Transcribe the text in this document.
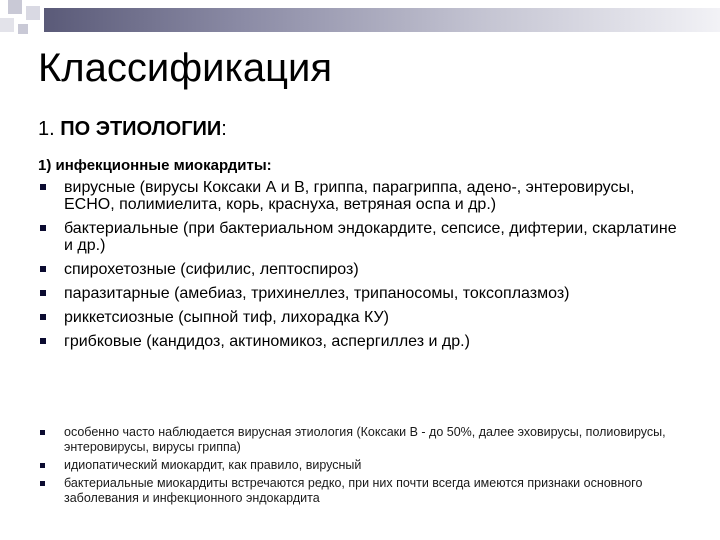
Классификация
1. ПО ЭТИОЛОГИИ:
1) инфекционные миокардиты:
вирусные (вирусы Коксаки А и В, гриппа, парагриппа, адено-, энтеровирусы, ЕСНО, полимиелита, корь, краснуха, ветряная оспа и др.)
бактериальные (при бактериальном эндокардите, сепсисе, дифтерии, скарлатине и др.)
спирохетозные (сифилис, лептоспироз)
паразитарные (амебиаз, трихинеллез, трипаносомы, токсоплазмоз)
риккетсиозные (сыпной тиф, лихорадка КУ)
грибковые (кандидоз, актиномикоз, аспергиллез и др.)
особенно часто наблюдается вирусная этиология (Коксаки В - до 50%, далее эховирусы, полиовирусы, энтеровирусы, вирусы гриппа)
идиопатический миокардит, как правило, вирусный
бактериальные миокардиты встречаются редко, при них почти всегда имеются признаки основного заболевания и инфекционного эндокардита
